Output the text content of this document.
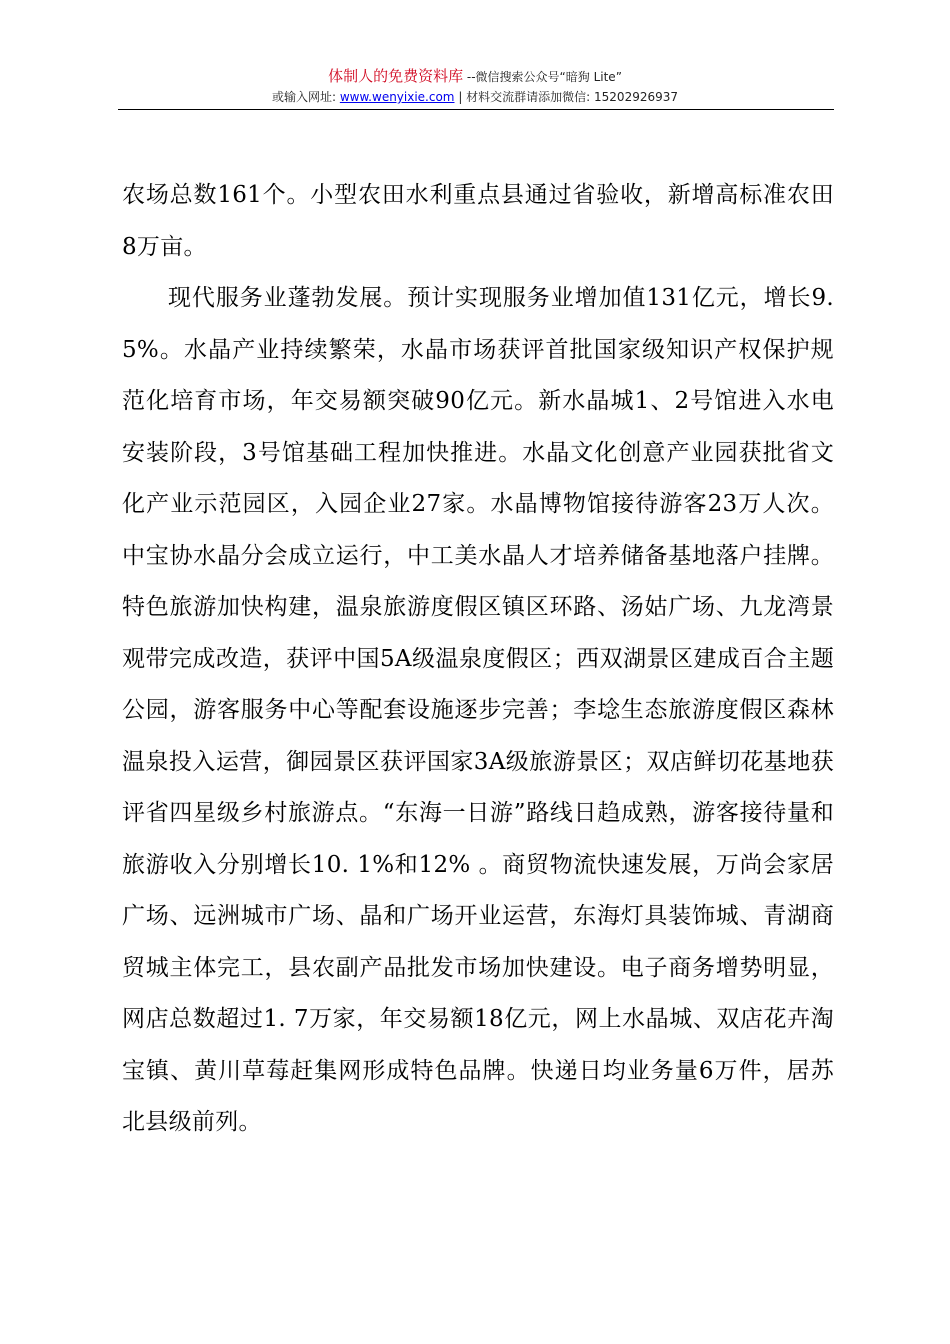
体制人的免费资料库 --微信搜索公众号“暗狗 Lite”
或输入网址: www.wenyixie.com | 材料交流群请添加微信: 15202926937

农场总数161个。小型农田水利重点县通过省验收，新增高标准农田8万亩。

现代服务业蓬勃发展。预计实现服务业增加值131亿元，增长9. 5%。水晶产业持续繁荣，水晶市场获评首批国家级知识产权保护规范化培育市场，年交易额突破90亿元。新水晶城1、2号馆进入水电安装阶段，3号馆基础工程加快推进。水晶文化创意产业园获批省文化产业示范园区，入园企业27家。水晶博物馆接待游客23万人次。中宝协水晶分会成立运行，中工美水晶人才培养储备基地落户挂牌。特色旅游加快构建，温泉旅游度假区镇区环路、汤姑广场、九龙湾景观带完成改造，获评中国5A级温泉度假区；西双湖景区建成百合主题公园，游客服务中心等配套设施逐步完善；李埝生态旅游度假区森林温泉投入运营，御园景区获评国家3A级旅游景区；双店鲜切花基地获评省四星级乡村旅游点。“东海一日游”路线日趋成熟，游客接待量和旅游收入分别增长10. 1%和12% 。商贸物流快速发展，万尚会家居广场、远洲城市广场、晶和广场开业运营，东海灯具装饰城、青湖商贸城主体完工，县农副产品批发市场加快建设。电子商务增势明显，网店总数超过1. 7万家，年交易额18亿元，网上水晶城、双店花卉淘宝镇、黄川草莓赶集网形成特色品牌。快递日均业务量6万件，居苏北县级前列。
